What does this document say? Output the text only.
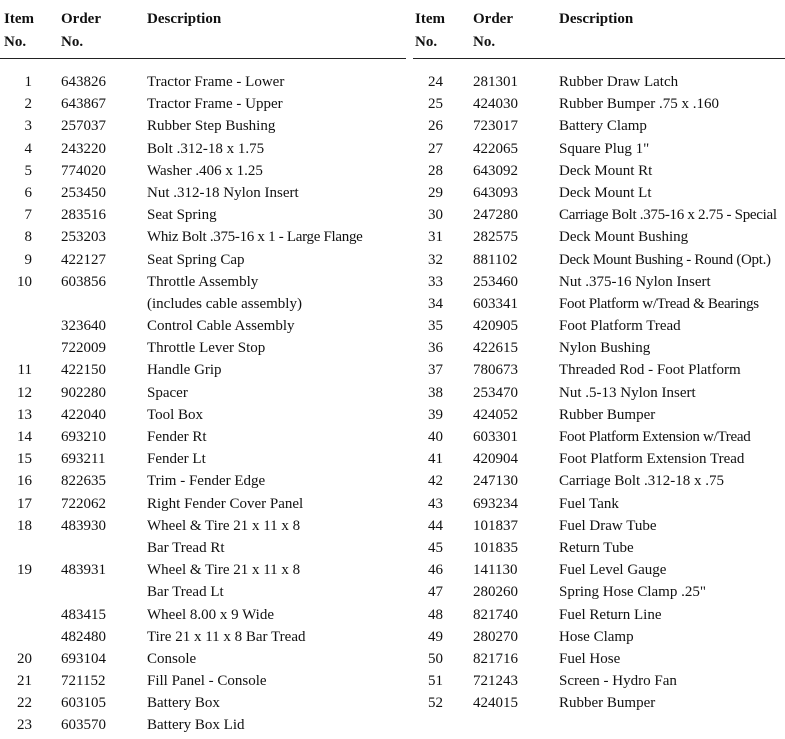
Item
No.
Order
No.
Description
1 643826	Tractor Frame - Lower
2 643867	Tractor Frame - Upper
3 257037	Rubber Step Bushing
4 243220	Bolt .312-18 x 1.75
5 774020	Washer .406 x 1.25
6 253450	Nut .312-18 Nylon Insert
7 283516	Seat Spring
8 253203	Whiz Bolt .375-16 x 1 - Large Flange
9 422127	Seat Spring Cap
10 603856	Throttle Assembly
(includes cable assembly)
323640	Control Cable Assembly
722009	Throttle Lever Stop
11 422150	Handle Grip
12 902280	Spacer
13 422040	Tool Box
14 693210	Fender Rt
15 693211	Fender Lt
16 822635	Trim - Fender Edge
17 722062	Right Fender Cover Panel
18 483930	Wheel & Tire 21 x 11 x 8
Bar Tread Rt
19 483931	Wheel & Tire 21 x 11 x 8
Bar Tread Lt
483415	Wheel 8.00 x 9 Wide
482480	Tire 21 x 11 x 8 Bar Tread
20 693104	Console
21 721152	Fill Panel - Console
22 603105	Battery Box
23 603570	Battery Box Lid
Item
No.
Order
No.
Description
24 281301	Rubber Draw Latch
25 424030	Rubber Bumper .75 x .160
26 723017	Battery Clamp
27 422065	Square Plug 1"
28 643092	Deck Mount Rt
29 643093	Deck Mount Lt
30 247280	Carriage Bolt .375-16 x 2.75 - Special
31 282575	Deck Mount Bushing
32 881102	Deck Mount Bushing - Round (Opt.)
33 253460	Nut .375-16 Nylon Insert
34 603341	Foot Platform w/Tread & Bearings
35 420905	Foot Platform Tread
36 422615	Nylon Bushing
37 780673	Threaded Rod - Foot Platform
38 253470	Nut .5-13 Nylon Insert
39 424052	Rubber Bumper
40 603301	Foot Platform Extension w/Tread
41 420904	Foot Platform Extension Tread
42 247130	Carriage Bolt .312-18 x .75
43 693234	Fuel Tank
44 101837	Fuel Draw Tube
45 101835	Return Tube
46 141130	Fuel Level Gauge
47 280260	Spring Hose Clamp .25"
48 821740	Fuel Return Line
49 280270	Hose Clamp
50 821716	Fuel Hose
51 721243	Screen - Hydro Fan
52 424015	Rubber Bumper
